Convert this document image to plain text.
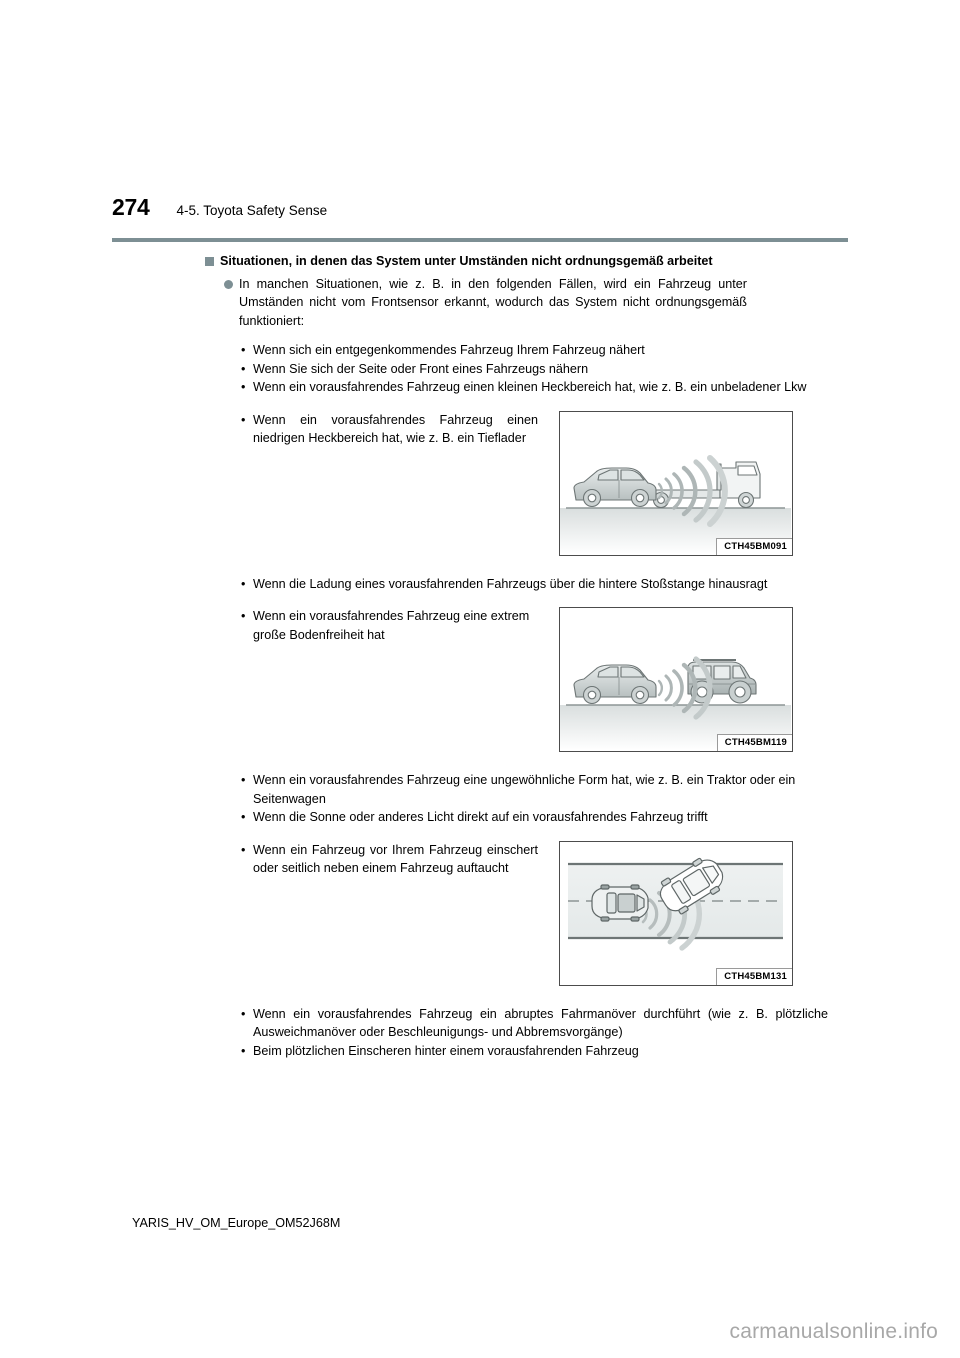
274 4-5. Toyota Safety Sense
Situationen, in denen das System unter Umständen nicht ordnungsgemäß arbeitet
In manchen Situationen, wie z. B. in den folgenden Fällen, wird ein Fahrzeug unter Umständen nicht vom Frontsensor erkannt, wodurch das System nicht ordnungsgemäß funktioniert:
• Wenn sich ein entgegenkommendes Fahrzeug Ihrem Fahrzeug nähert
• Wenn Sie sich der Seite oder Front eines Fahrzeugs nähern
• Wenn ein vorausfahrendes Fahrzeug einen kleinen Heckbereich hat, wie z. B. ein unbeladener Lkw
• Wenn ein vorausfahrendes Fahrzeug einen niedrigen Heckbereich hat, wie z. B. ein Tieflader
CTH45BM091
• Wenn die Ladung eines vorausfahrenden Fahrzeugs über die hintere Stoßstange hinausragt
• Wenn ein vorausfahrendes Fahrzeug eine extrem große Bodenfreiheit hat
CTH45BM119
• Wenn ein vorausfahrendes Fahrzeug eine ungewöhnliche Form hat, wie z. B. ein Traktor oder ein Seitenwagen
• Wenn die Sonne oder anderes Licht direkt auf ein vorausfahrendes Fahrzeug trifft
• Wenn ein Fahrzeug vor Ihrem Fahrzeug einschert oder seitlich neben einem Fahrzeug auftaucht
CTH45BM131
• Wenn ein vorausfahrendes Fahrzeug ein abruptes Fahrmanöver durchführt (wie z. B. plötzliche Ausweichmanöver oder Beschleunigungs- und Abbremsvorgänge)
• Beim plötzlichen Einscheren hinter einem vorausfahrenden Fahrzeug
YARIS_HV_OM_Europe_OM52J68M
carmanualsonline.info
